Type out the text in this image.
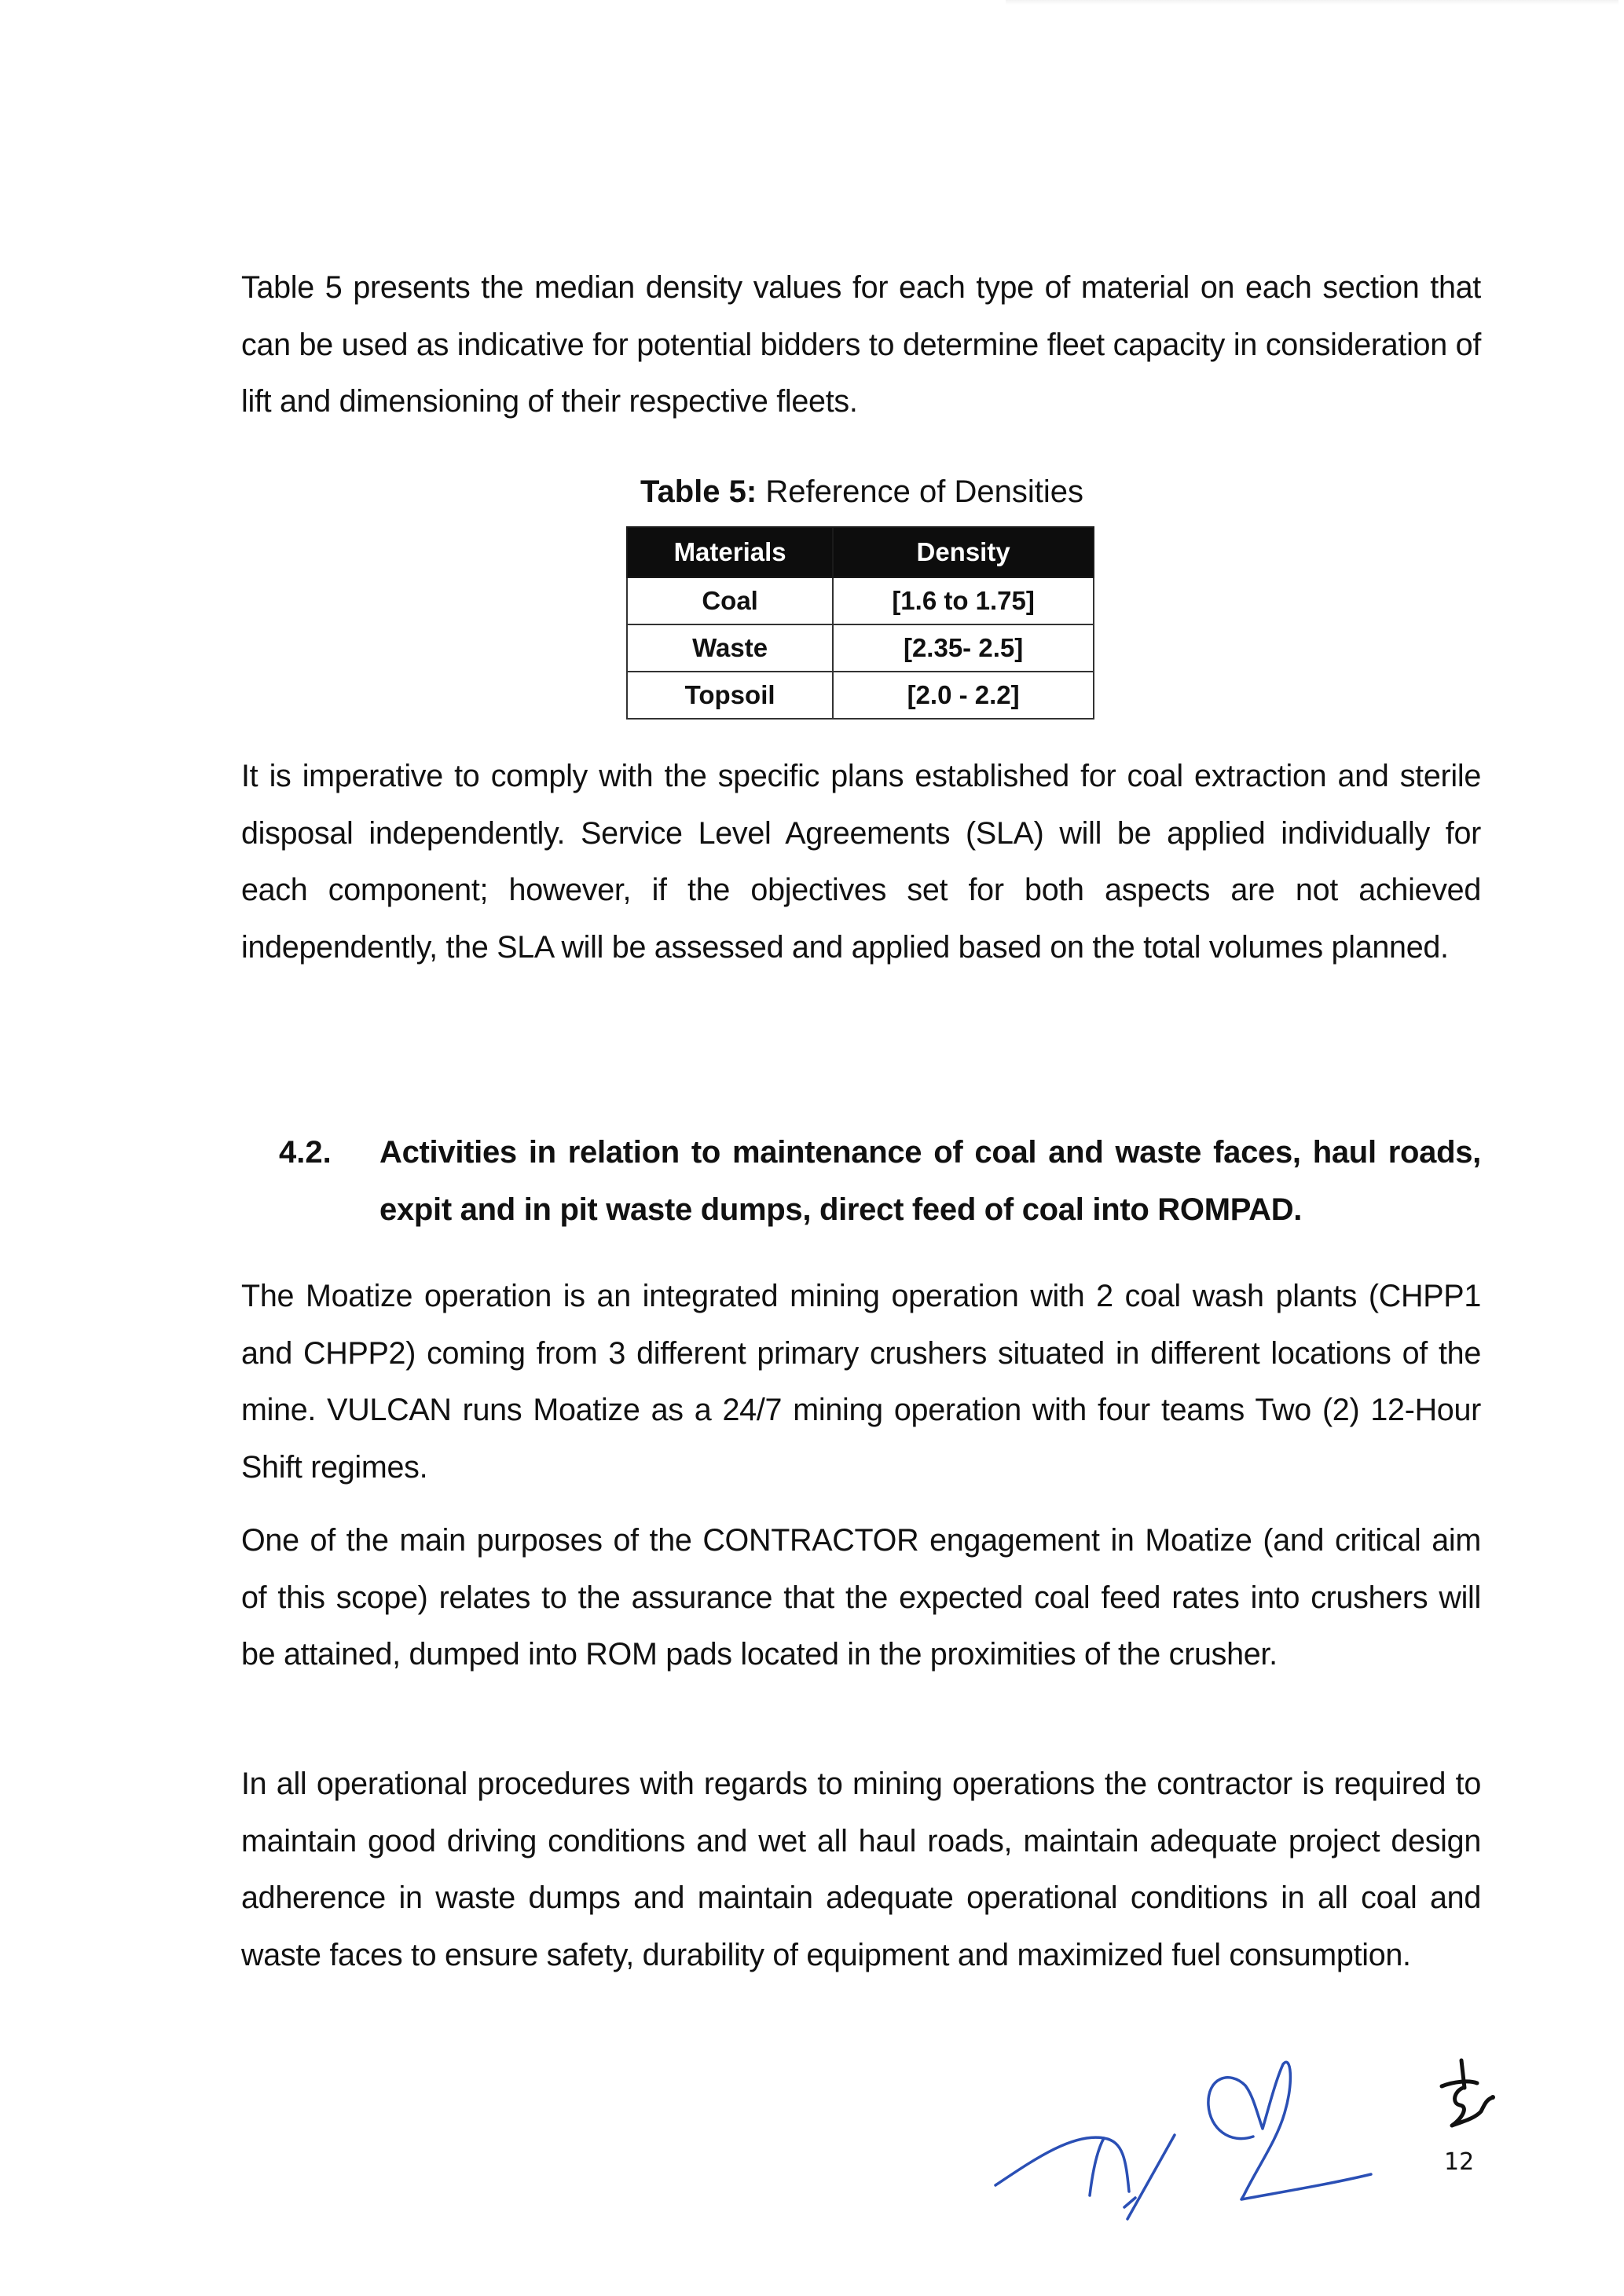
Table 5 presents the median density values for each type of material on each section that can be used as indicative for potential bidders to determine fleet capacity in consideration of lift and dimensioning of their respective fleets.

Table 5: Reference of Densities

Materials	Density
Coal	[1.6 to 1.75]
Waste	[2.35- 2.5]
Topsoil	[2.0 - 2.2]

It is imperative to comply with the specific plans established for coal extraction and sterile disposal independently. Service Level Agreements (SLA) will be applied individually for each component; however, if the objectives set for both aspects are not achieved independently, the SLA will be assessed and applied based on the total volumes planned.

4.2. Activities in relation to maintenance of coal and waste faces, haul roads, expit and in pit waste dumps, direct feed of coal into ROMPAD.

The Moatize operation is an integrated mining operation with 2 coal wash plants (CHPP1 and CHPP2) coming from 3 different primary crushers situated in different locations of the mine. VULCAN runs Moatize as a 24/7 mining operation with four teams Two (2) 12-Hour Shift regimes.

One of the main purposes of the CONTRACTOR engagement in Moatize (and critical aim of this scope) relates to the assurance that the expected coal feed rates into crushers will be attained, dumped into ROM pads located in the proximities of the crusher.

In all operational procedures with regards to mining operations the contractor is required to maintain good driving conditions and wet all haul roads, maintain adequate project design adherence in waste dumps and maintain adequate operational conditions in all coal and waste faces to ensure safety, durability of equipment and maximized fuel consumption.

12
